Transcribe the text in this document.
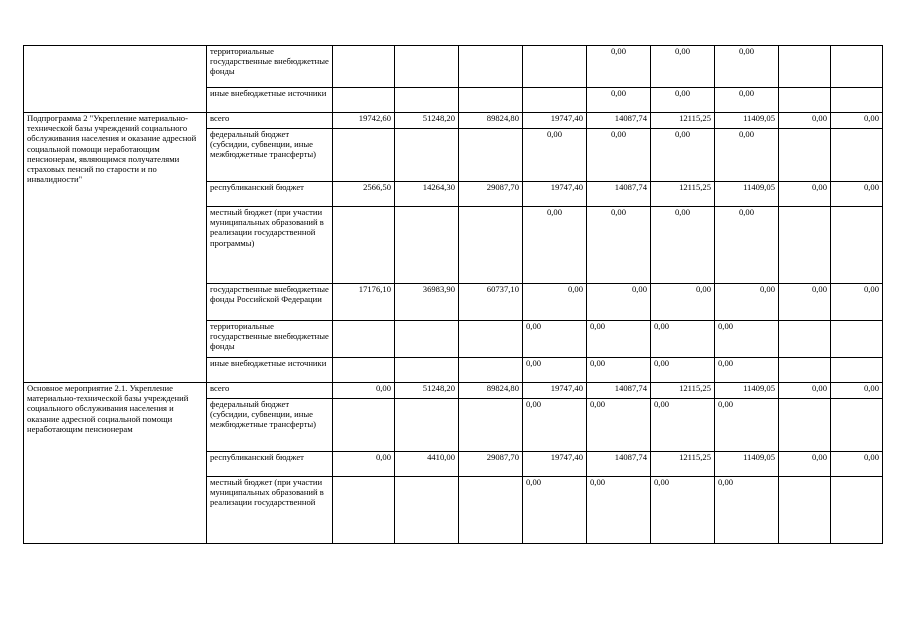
	территориальные государственные внебюджетные фонды					0,00	0,00	0,00		
	иные внебюджетные источники					0,00	0,00	0,00		
Подпрограмма 2 "Укрепление материально-технической базы учреждений социального обслуживания населения и оказание адресной социальной помощи неработающим пенсионерам, являющимся получателями страховых пенсий по старости и по инвалидности"	всего	19742,60	51248,20	89824,80	19747,40	14087,74	12115,25	11409,05	0,00	0,00
	федеральный бюджет (субсидии, субвенции, иные межбюджетные трансферты)				0,00	0,00	0,00	0,00		
	республиканский бюджет	2566,50	14264,30	29087,70	19747,40	14087,74	12115,25	11409,05	0,00	0,00
	местный бюджет (при участии муниципальных образований в реализации государственной программы)				0,00	0,00	0,00	0,00		
	государственные внебюджетные фонды Российской Федерации	17176,10	36983,90	60737,10	0,00	0,00	0,00	0,00	0,00	0,00
	территориальные государственные внебюджетные фонды				0,00	0,00	0,00	0,00		
	иные внебюджетные источники				0,00	0,00	0,00	0,00		
Основное мероприятие 2.1. Укрепление материально-технической базы учреждений социального обслуживания населения и оказание адресной социальной помощи неработающим пенсионерам	всего	0,00	51248,20	89824,80	19747,40	14087,74	12115,25	11409,05	0,00	0,00
	федеральный бюджет (субсидии, субвенции, иные межбюджетные трансферты)				0,00	0,00	0,00	0,00		
	республиканский бюджет	0,00	4410,00	29087,70	19747,40	14087,74	12115,25	11409,05	0,00	0,00
	местный бюджет (при участии муниципальных образований в реализации государственной				0,00	0,00	0,00	0,00		
